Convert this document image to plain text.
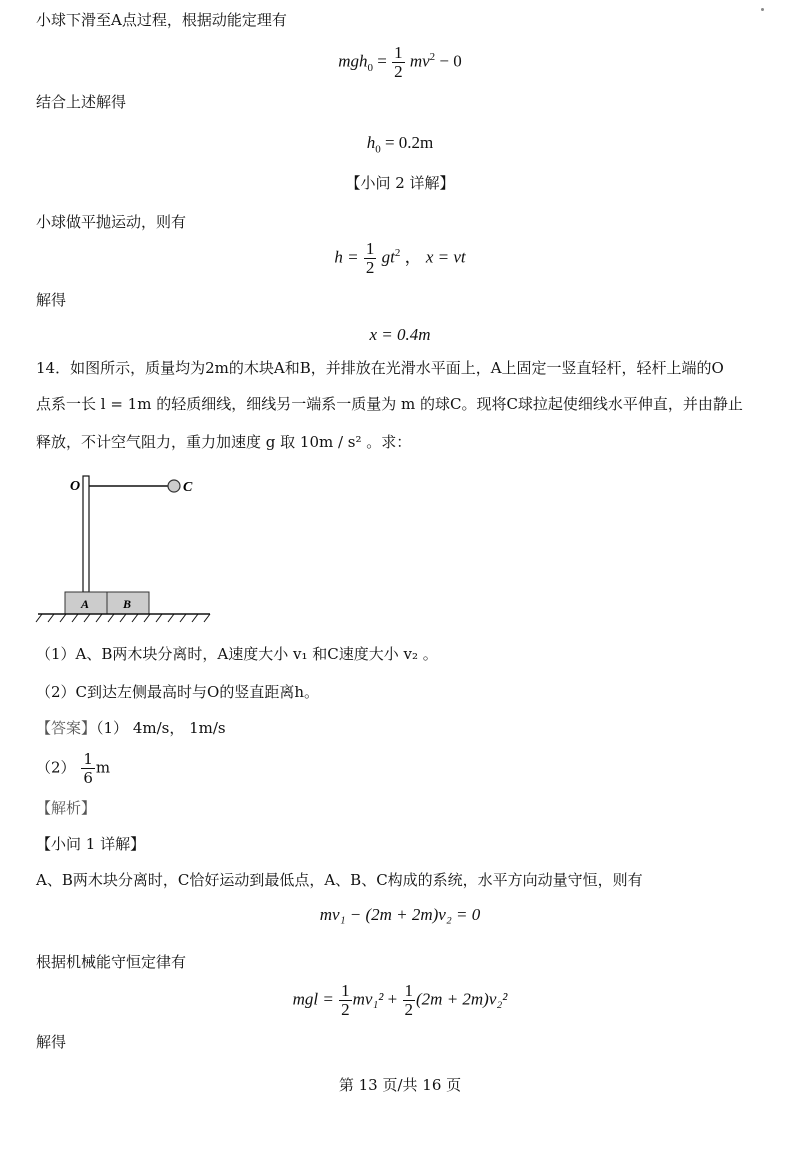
小球下滑至A点过程，根据动能定理有
$mgh_0 = \frac{1}{2} mv^2 - 0$
结合上述解得
$h_0 = 0.2m$
【小问 2 详解】
小球做平抛运动，则有
$h = \frac{1}{2} gt^2$ ， x = vt
解得
x = 0.4m
14．如图所示，质量均为2m的木块A和B，并排放在光滑水平面上，A上固定一竖直轻杆，轻杆上端的O
点系一长 l = 1m 的轻质细线，细线另一端系一质量为 m 的球C。现将C球拉起使细线水平伸直，并由静止
释放，不计空气阻力，重力加速度 g 取 10m / s² 。求：
O	C
A	B
（1）A、B两木块分离时，A速度大小 v₁ 和C速度大小 v₂ 。
（2）C到达左侧最高时与O的竖直距离h。
【答案】（1） 4m/s， 1m/s
$(2) \frac{1}{6}$ m
【解析】
【小问 1 详解】
A、B两木块分离时，C恰好运动到最低点，A、B、C构成的系统，水平方向动量守恒，则有
mv₁ − (2m + 2m)v₂ = 0
根据机械能守恒定律有
mgl = $\frac{1}{2} mv_1^2 + \frac{1}{2} (2m + 2m)v_2^2$
解得
第 13 页/共 16 页
